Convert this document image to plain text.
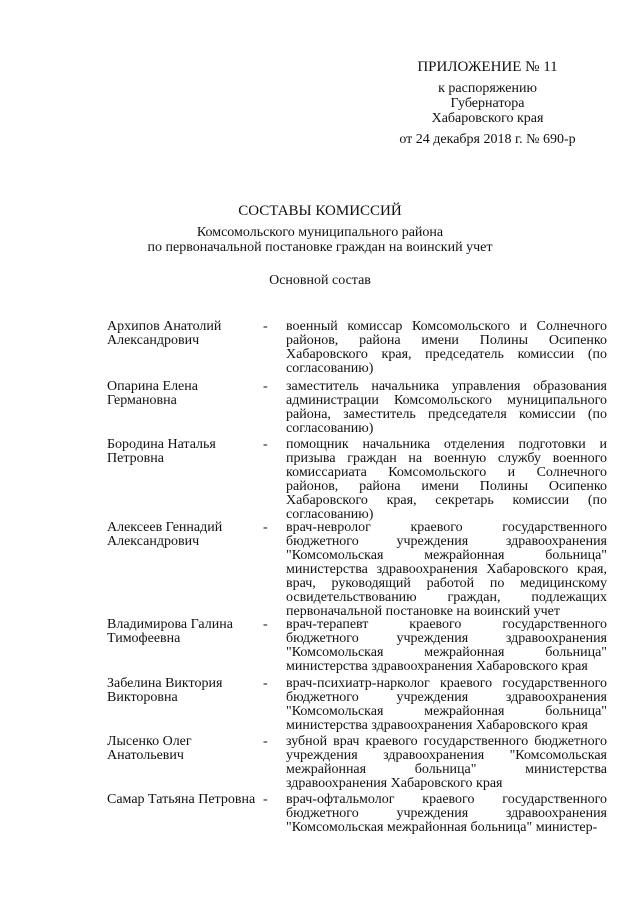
ПРИЛОЖЕНИЕ № 11
к распоряжению
Губернатора
Хабаровского края
от 24 декабря 2018 г. № 690-р
СОСТАВЫ КОМИССИЙ
Комсомольского муниципального района
по первоначальной постановке граждан на воинский учет
Основной состав
Архипов Анатолий Александрович
-	военный комиссар Комсомольского и Солнечного районов, района имени Полины Осипенко Хабаровского края, председатель комиссии (по согласованию)
Опарина Елена Германовна
-	заместитель начальника управления образования администрации Комсомольского муниципального района, заместитель председателя комиссии (по согласованию)
Бородина Наталья Петровна
-	помощник начальника отделения подготовки и призыва граждан на военную службу военного комиссариата Комсомольского и Солнечного районов, района имени Полины Осипенко Хабаровского края, секретарь комиссии (по согласованию)
Алексеев Геннадий Александрович
-	врач-невролог краевого государственного бюджетного учреждения здравоохранения "Комсомольская межрайонная больница" министерства здравоохранения Хабаровского края, врач, руководящий работой по медицинскому освидетельствованию граждан, подлежащих первоначальной постановке на воинский учет
Владимирова Галина Тимофеевна
-	врач-терапевт краевого государственного бюджетного учреждения здравоохранения "Комсомольская межрайонная больница" министерства здравоохранения Хабаровского края
Забелина Виктория Викторовна
-	врач-психиатр-нарколог краевого государственного бюджетного учреждения здравоохранения "Комсомольская межрайонная больница" министерства здравоохранения Хабаровского края
Лысенко Олег Анатольевич
-	зубной врач краевого государственного бюджетного учреждения здравоохранения "Комсомольская межрайонная больница" министерства здравоохранения Хабаровского края
Самар Татьяна Петровна -	врач-офтальмолог краевого государственного бюджетного учреждения здравоохранения "Комсомольская межрайонная больница" министер-
